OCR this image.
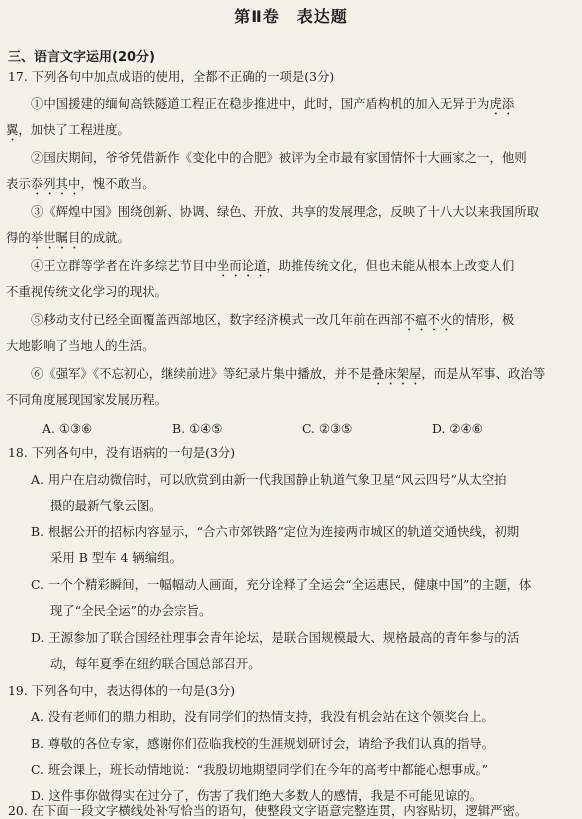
第Ⅱ卷　表达题
三、语言文字运用(20分)
17. 下列各句中加点成语的使用，全都不正确的一项是(3分)
①中国援建的缅甸高铁隧道工程正在稳步推进中，此时，国产盾构机的加入无异于为虎添
翼，加快了工程进度。
②国庆期间，爷爷凭借新作《变化中的合肥》被评为全市最有家国情怀十大画家之一，他则
表示忝列其中，愧不敢当。
③《辉煌中国》围绕创新、协调、绿色、开放、共享的发展理念，反映了十八大以来我国所取
得的举世瞩目的成就。
④王立群等学者在许多综艺节目中坐而论道，助推传统文化，但也未能从根本上改变人们
不重视传统文化学习的现状。
⑤移动支付已经全面覆盖西部地区，数字经济模式一改几年前在西部不瘟不火的情形，极
大地影响了当地人的生活。
⑥《强军》《不忘初心，继续前进》等纪录片集中播放，并不是叠床架屋，而是从军事、政治等
不同角度展现国家发展历程。
A. ①③⑥	B. ①④⑤	C. ②③⑤	D. ②④⑥
18. 下列各句中，没有语病的一句是(3分)
A. 用户在启动微信时，可以欣赏到由新一代我国静止轨道气象卫星“风云四号”从太空拍
摄的最新气象云图。
B. 根据公开的招标内容显示，“合六市郊铁路”定位为连接两市城区的轨道交通快线，初期
采用 B 型车 4 辆编组。
C. 一个个精彩瞬间，一幅幅动人画面，充分诠释了全运会“全运惠民，健康中国”的主题，体
现了“全民全运”的办会宗旨。
D. 王源参加了联合国经社理事会青年论坛，是联合国规模最大、规格最高的青年参与的活
动，每年夏季在纽约联合国总部召开。
19. 下列各句中，表达得体的一句是(3分)
A. 没有老师们的鼎力相助，没有同学们的热情支持，我没有机会站在这个领奖台上。
B. 尊敬的各位专家，感谢你们莅临我校的生涯规划研讨会，请给予我们认真的指导。
C. 班会课上，班长动情地说：“我殷切地期望同学们在今年的高考中都能心想事成。”
D. 这件事你做得实在过分了，伤害了我们绝大多数人的感情，我是不可能见谅的。
20. 在下面一段文字横线处补写恰当的语句，使整段文字语意完整连贯，内容贴切，逻辑严密。
